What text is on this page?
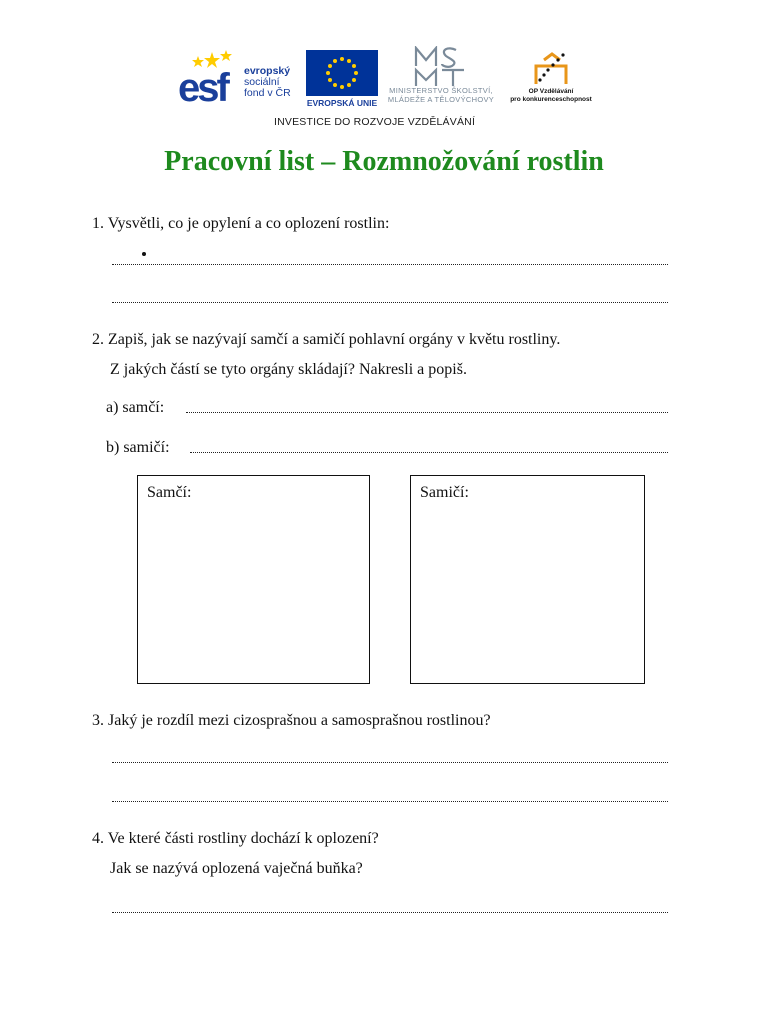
esf evropský
sociální
fond v ČR
EVROPSKÁ UNIE
MINISTERSTVO ŠKOLSTVÍ,
MLÁDEŽE A TĚLOVÝCHOVY
OP Vzdělávání
pro konkurenceschopnost
INVESTICE DO ROZVOJE VZDĚLÁVÁNÍ
Pracovní list – Rozmnožování rostlin
1. Vysvětli, co je opylení a co oplození rostlin:
2. Zapiš, jak se nazývají samčí a samičí pohlavní orgány v květu rostliny.
Z jakých částí se tyto orgány skládají? Nakresli a popiš.
a) samčí:
b) samičí:
Samčí:	Samičí:
3. Jaký je rozdíl mezi cizosprašnou a samosprašnou rostlinou?
4. Ve které části rostliny dochází k oplození?
Jak se nazývá oplozená vaječná buňka?
